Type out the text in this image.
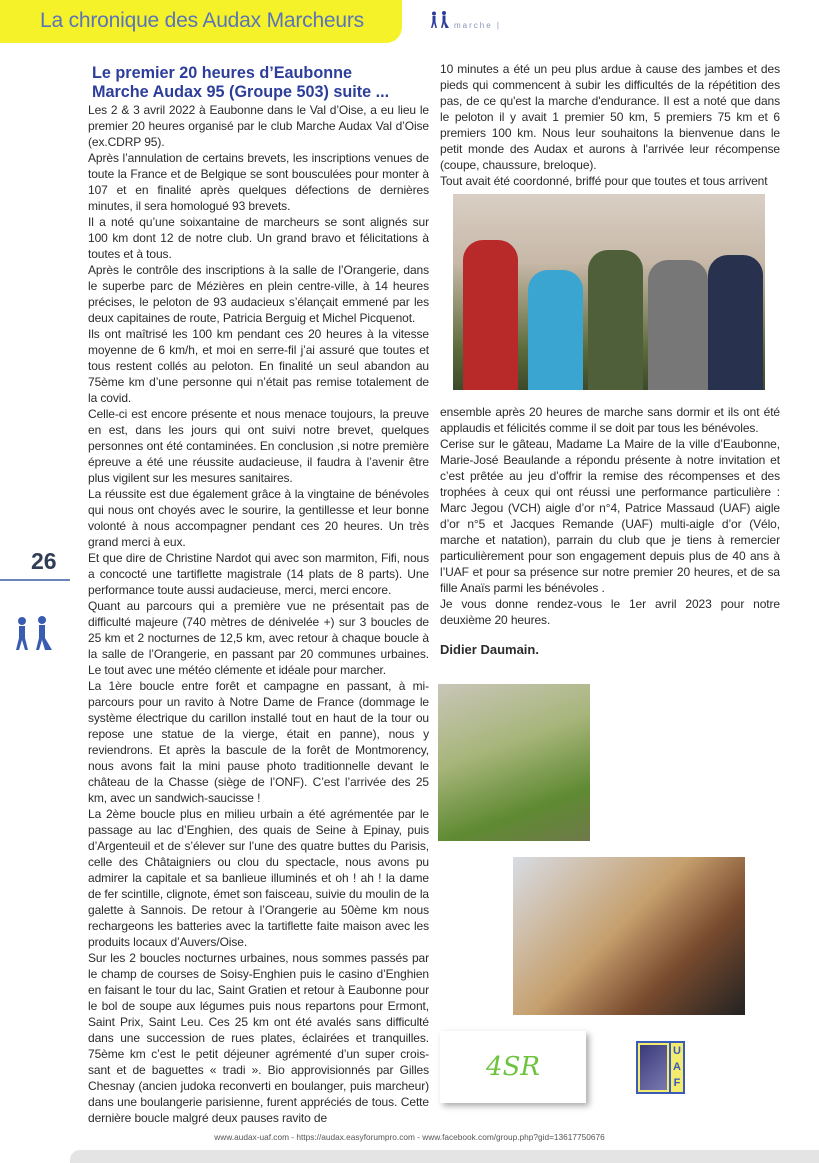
La chronique des Audax Marcheurs	marche |
Le premier 20 heures d’Eaubonne
Marche Audax 95 (Groupe 503) suite ...

Les 2 & 3 avril 2022 à Eaubonne dans le Val d’Oise, a eu lieu le premier 20 heures organisé par le club Marche Audax Val d’Oise (ex.CDRP 95).

Après l’annulation de certains brevets, les inscriptions venues de toute la France et de Belgique se sont bousculées pour monter à 107 et en finalité après quelques défections de dernières minutes, il sera homologué 93 brevets.

Il a noté qu’une soixantaine de marcheurs se sont alignés sur 100 km dont 12 de notre club. Un grand bravo et félicitations à toutes et à tous.

Après le contrôle des inscriptions à la salle de l’Orangerie, dans le superbe parc de Mézières en plein centre-ville, à 14 heures précises, le peloton de 93 audacieux s’élançait emmené par les deux capitaines de route, Patricia Berguig et Michel Picquenot.

Ils ont maîtrisé les 100 km pendant ces 20 heures à la vitesse moyenne de 6 km/h, et moi en serre-fil j’ai assuré que toutes et tous restent collés au peloton. En finalité un seul abandon au 75ème km d’une personne qui n’était pas remise totalement de la covid.

Celle-ci est encore présente et nous menace toujours, la preuve en est, dans les jours qui ont suivi notre brevet, quelques personnes ont été contaminées. En conclusion ,si notre première épreuve a été une réussite audacieuse, il faudra à l’avenir être plus vigilent sur les mesures sanitaires.

La réussite est due également grâce à la vingtaine de bénévoles qui nous ont choyés avec le sourire, la gentillesse et leur bonne volonté à nous accompagner pendant ces 20 heures. Un très grand merci à eux.

Et que dire de Christine Nardot qui avec son marmiton, Fifi, nous a concocté une tartiflette magistrale (14 plats de 8 parts). Une performance toute aussi audacieuse, merci, merci encore.

Quant au parcours qui a première vue ne présentait pas de difficulté majeure (740 mètres de dénivelée +) sur 3 boucles de 25 km et 2 nocturnes de 12,5 km, avec retour à chaque boucle à la salle de l’Orangerie, en passant par 20 communes urbaines. Le tout avec une météo clémente et idéale pour marcher.

La 1ère boucle entre forêt et campagne en passant, à mi-parcours pour un ravito à Notre Dame de France (dommage le système électrique du carillon installé tout en haut de la tour ou repose une statue de la vierge, était en panne), nous y reviendrons. Et après la bascule de la forêt de Montmorency, nous avons fait la mini pause photo traditionnelle devant le château de la Chasse (siège de l’ONF). C’est l’arrivée des 25 km, avec un sandwich-saucisse !

La 2ème boucle plus en milieu urbain a été agrémentée par le passage au lac d’Enghien, des quais de Seine à Epinay, puis d’Argenteuil et de s’élever sur l’une des quatre buttes du Parisis, celle des Châtaigniers ou clou du spectacle, nous avons pu admirer la capitale et sa banlieue illuminés et oh ! ah ! la dame de fer scintille, clignote, émet son faisceau, suivie du moulin de la galette à Sannois. De retour à l’Orangerie au 50ème km nous rechargeons les batteries avec la tartiflette faite maison avec les produits locaux d’Auvers/Oise.

Sur les 2 boucles nocturnes urbaines, nous sommes passés par le champ de courses de Soisy-Enghien puis le casino d’Enghien en faisant le tour du lac, Saint Gratien et retour à Eaubonne pour le bol de soupe aux légumes puis nous repartons pour Ermont, Saint Prix, Saint Leu. Ces 25 km ont été avalés sans difficulté dans une succession de rues plates, éclairées et tranquilles. 75ème km c’est le petit déjeuner agrémenté d’un super crois-sant et de baguettes « tradi ». Bio approvisionnés par Gilles Chesnay (ancien judoka reconverti en boulanger, puis marcheur) dans une boulangerie parisienne, furent appréciés de tous. Cette dernière boucle malgré deux pauses ravito de

10 minutes a été un peu plus ardue à cause des jambes et des pieds qui commencent à subir les difficultés de la répétition des pas, de ce qu'est la marche d'endurance. Il est a noté que dans le peloton il y avait 1 premier 50 km, 5 premiers 75 km et 6 premiers 100 km. Nous leur souhaitons la bienvenue dans le petit monde des Audax et aurons à l'arrivée leur récompense (coupe, chaussure, breloque).

Tout avait été coordonné, briffé pour que toutes et tous arrivent

ensemble après 20 heures de marche sans dormir et ils ont été applaudis et félicités comme il se doit par tous les bénévoles.

Cerise sur le gâteau, Madame La Maire de la ville d’Eaubonne, Marie-José Beaulande a répondu présente à notre invitation et c’est prêtée au jeu d’offrir la remise des récompenses et des trophées à ceux qui ont réussi une performance particulière : Marc Jegou (VCH) aigle d’or n°4, Patrice Massaud (UAF) aigle d’or n°5 et Jacques Remande (UAF) multi-aigle d’or (Vélo, marche et natation), parrain du club que je tiens à remercier particulièrement pour son engagement depuis plus de 40 ans à l’UAF et pour sa présence sur notre premier 20 heures, et de sa fille Anaïs parmi les bénévoles .

Je vous donne rendez-vous le 1er avril 2023 pour notre deuxième 20 heures.

Didier Daumain.
4SR
U
A
F
26
www.audax-uaf.com - https://audax.easyforumpro.com - www.facebook.com/group.php?gid=13617750676
